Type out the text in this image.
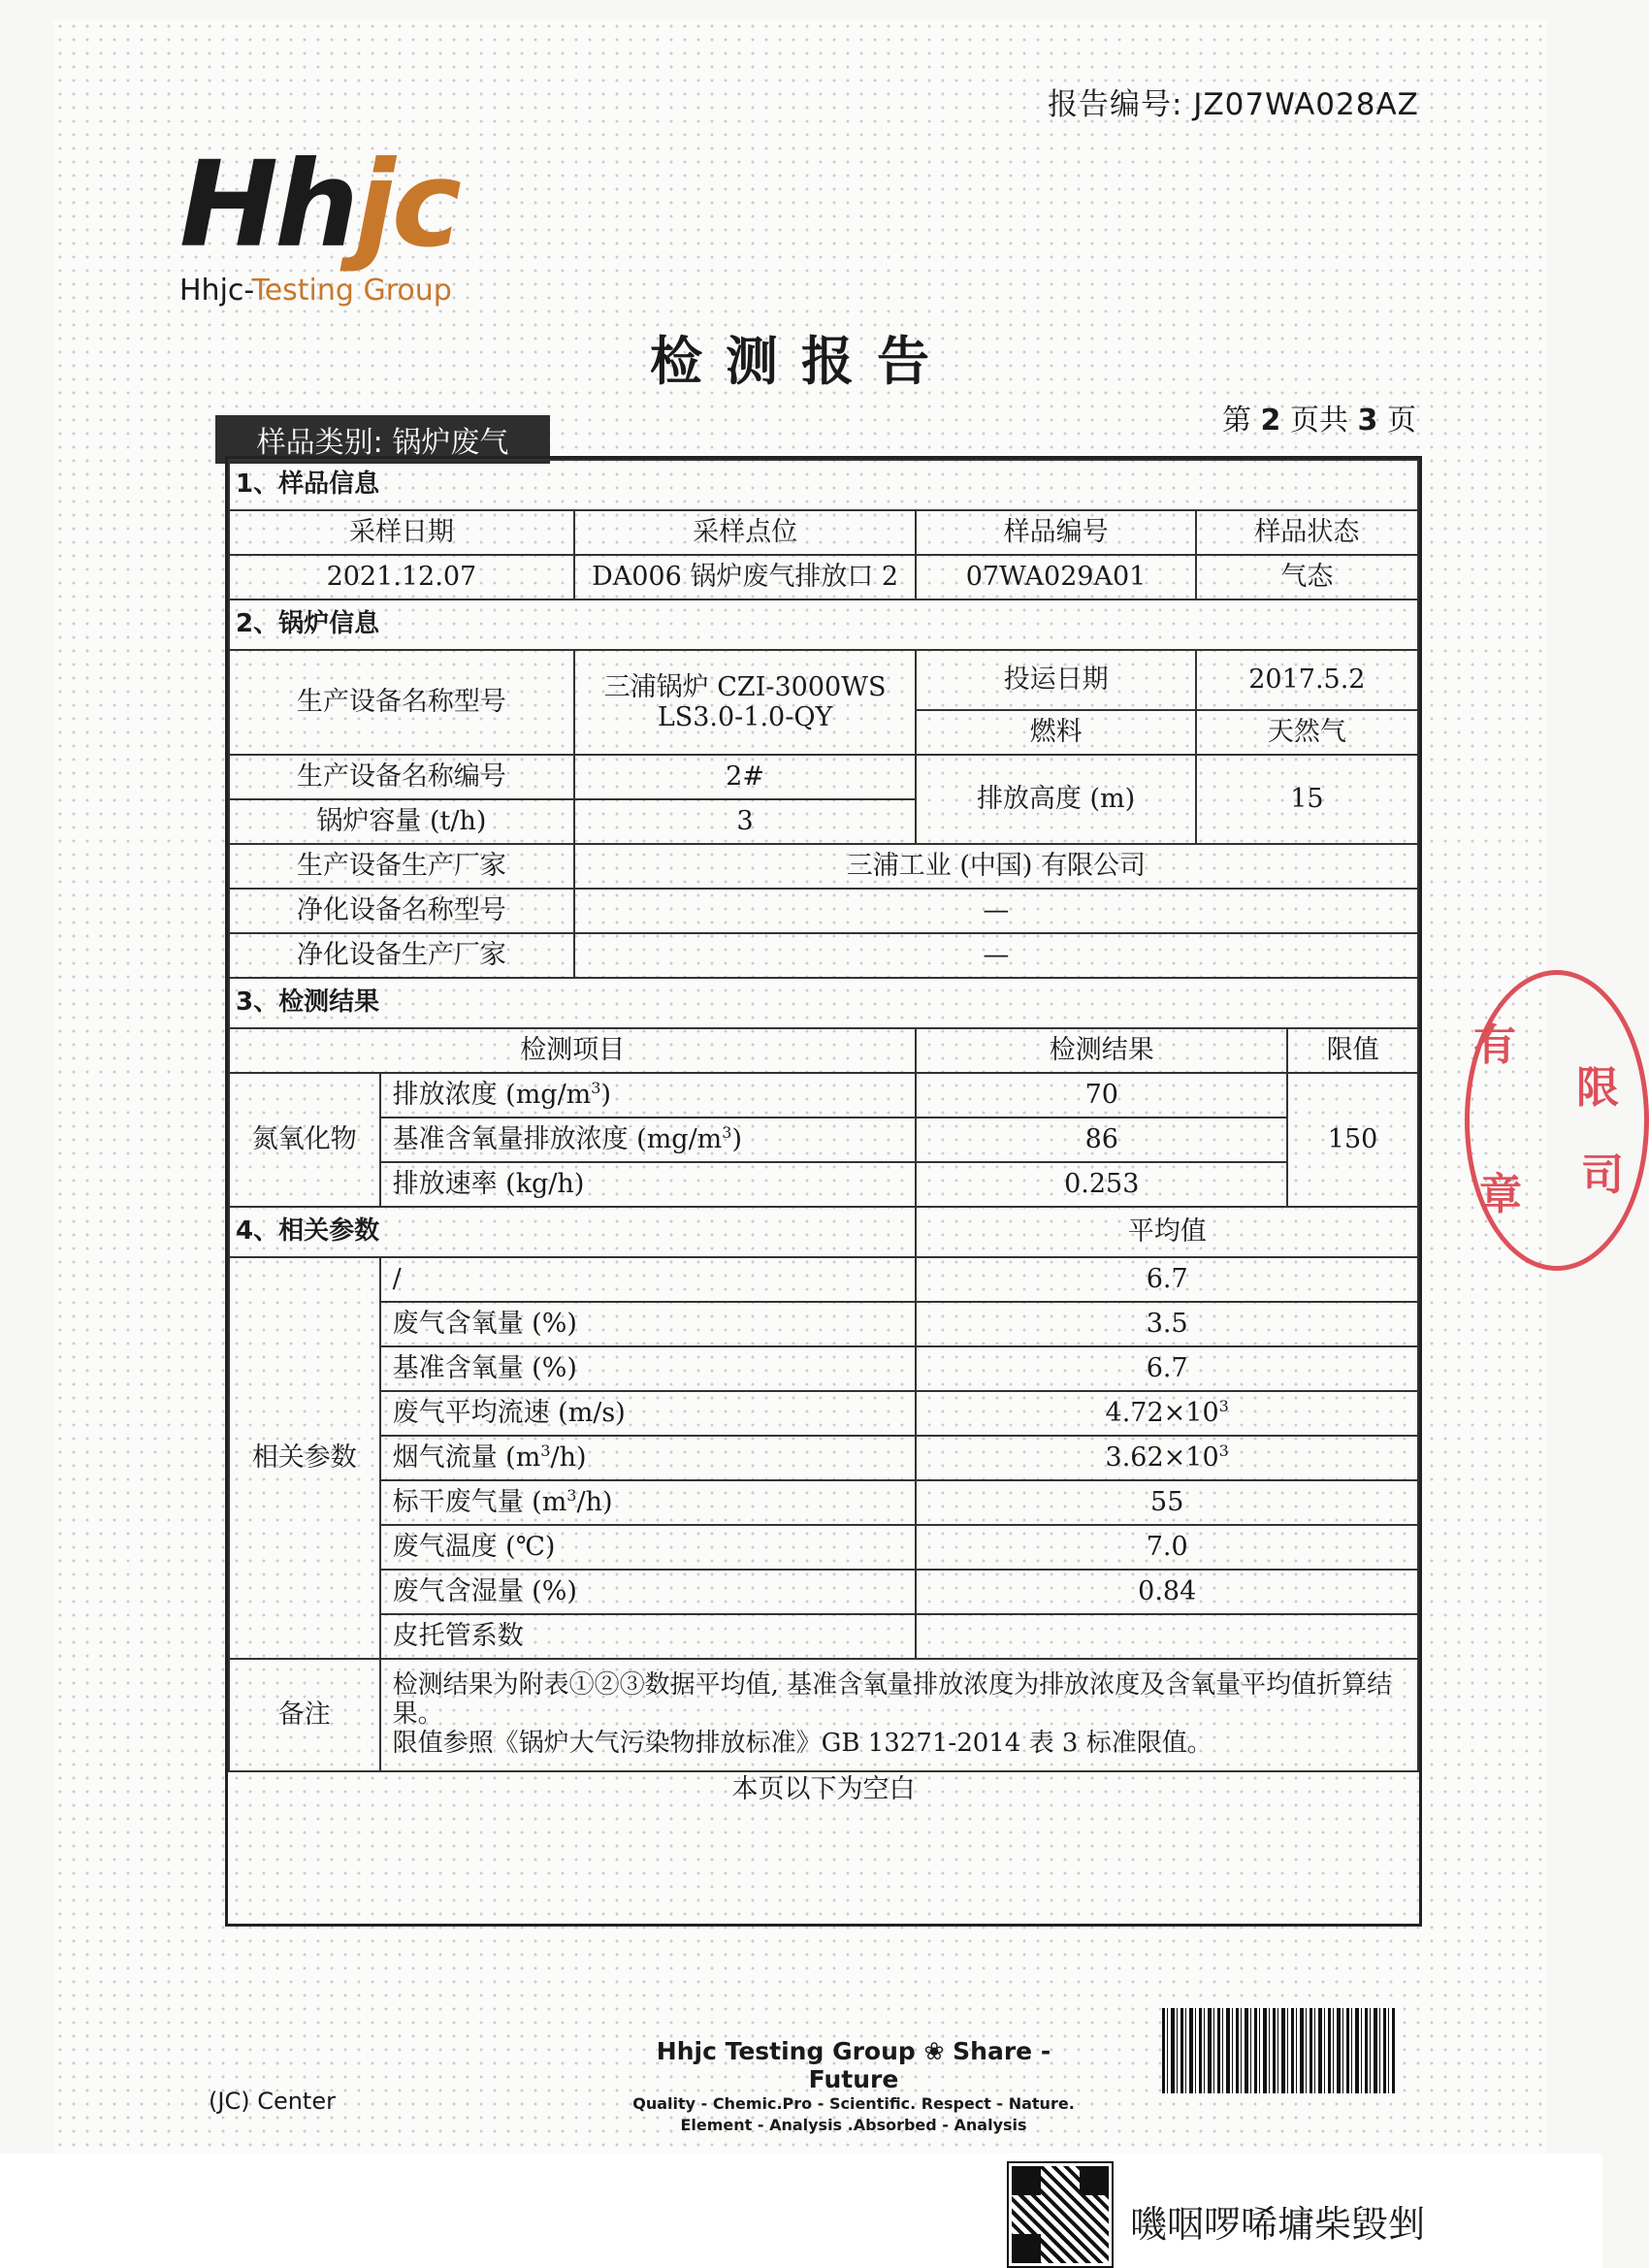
报告编号: JZ07WA028AZ
Hhjc
Hhjc-Testing Group
检测报告
第 2 页共 3 页
样品类别: 锅炉废气
1、样品信息					
采样日期		采样点位	样品编号	样品状态	
2021.12.07		DA006 锅炉废气排放口 2	07WA029A01	气态	
2、锅炉信息					
生产设备名称型号		三浦锅炉 CZI-3000WS LS3.0-1.0-QY	投运日期	2017.5.2	
			燃料	天然气	
生产设备名称编号		2#	排放高度 (m)	15	
锅炉容量 (t/h)		3			
生产设备生产厂家		三浦工业 (中国) 有限公司			
净化设备名称型号		—			
净化设备生产厂家		—			
3、检测结果					
检测项目			检测结果		限值
氮氧化物	排放浓度 $(mg/m^3)$		70		150
	基准含氧量排放浓度 $(mg/m^3)$		86		
	排放速率 (kg/h)		0.253		
4、相关参数			平均值		
相关参数	/		6.7		
	废气含氧量 (%)		3.5		
	基准含氧量 (%)		6.7		
	废气平均流速 (m/s)		$4.72\times 10^3$
	烟气流量 $(m^3/h)$		$3.62\times 10^3$
	标干废气量 $(m^3/h)$		55		
	废气温度 (℃)		7.0		
	废气含湿量 (%)		0.84		
	皮托管系数				
备注	检测结果为附表①②③数据平均值, 基准含氧量排放浓度为排放浓度及含氧量平均值折算结果。
限值参照《锅炉大气污染物排放标准》GB 13271-2014 表 3 标准限值。				

本页以下为空白					
有
限
司
章
(JC) Center
Hhjc Testing Group ❀ Share - Future
Quality - Chemic.Pro - Scientific. Respect - Nature.
Element - Analysis .Absorbed - Analysis
嘰咽啰唏墉柴毀剉
